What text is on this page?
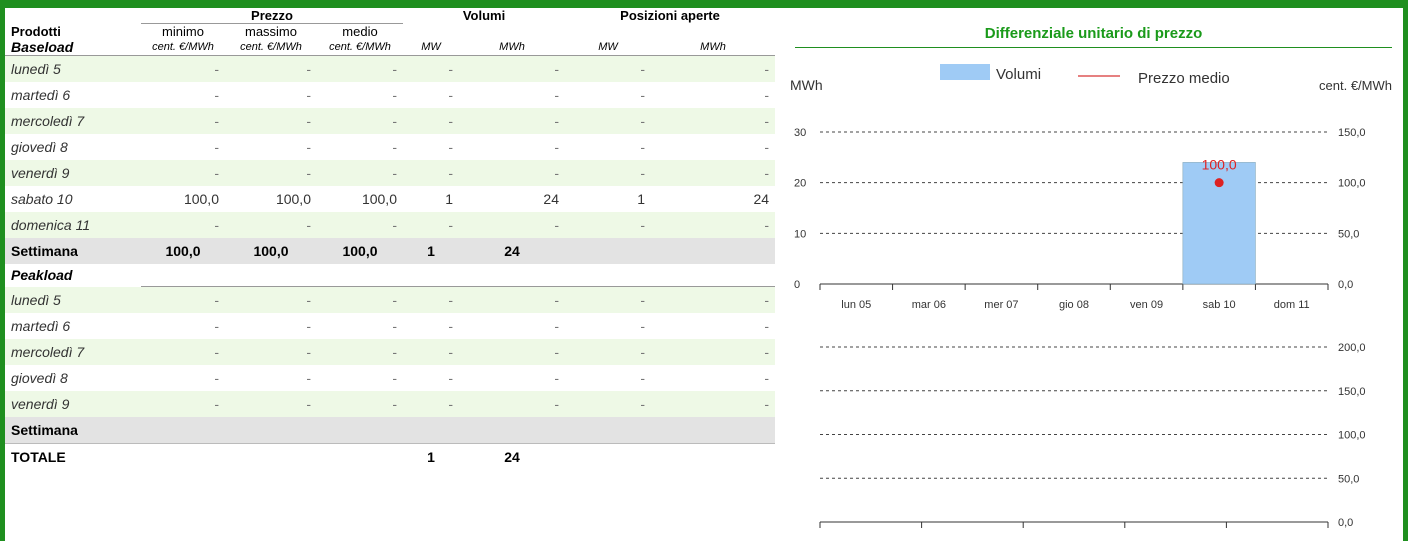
Prodotti	Prezzo			Volumi		Posizioni aperte	
	minimo	massimo	medio				
Baseload	cent. €/MWh	cent. €/MWh	cent. €/MWh	MW	MWh	MW	MWh
lunedì 5	-	-	-	-	-	-	-
martedì 6	-	-	-	-	-	-	-
mercoledì 7	-	-	-	-	-	-	-
giovedì 8	-	-	-	-	-	-	-
venerdì 9	-	-	-	-	-	-	-
sabato 10	100,0	100,0	100,0	1	24	1	24
domenica 11	-	-	-	-	-	-	-
Settimana	100,0	100,0	100,0	1	24		
Peakload							
lunedì 5	-	-	-	-	-	-	-
martedì 6	-	-	-	-	-	-	-
mercoledì 7	-	-	-	-	-	-	-
giovedì 8	-	-	-	-	-	-	-
venerdì 9	-	-	-	-	-	-	-
Settimana							
TOTALE				1	24		
Differenziale unitario di prezzo
MWh	cent. €/MWh
Volumi	Prezzo medio
0
10
20
30
0,0
50,0
100,0
150,0
lun 05	mar 06	mer 07	gio 08	ven 09	sab 10	dom 11
100,0
0,0
50,0
100,0
150,0
200,0
